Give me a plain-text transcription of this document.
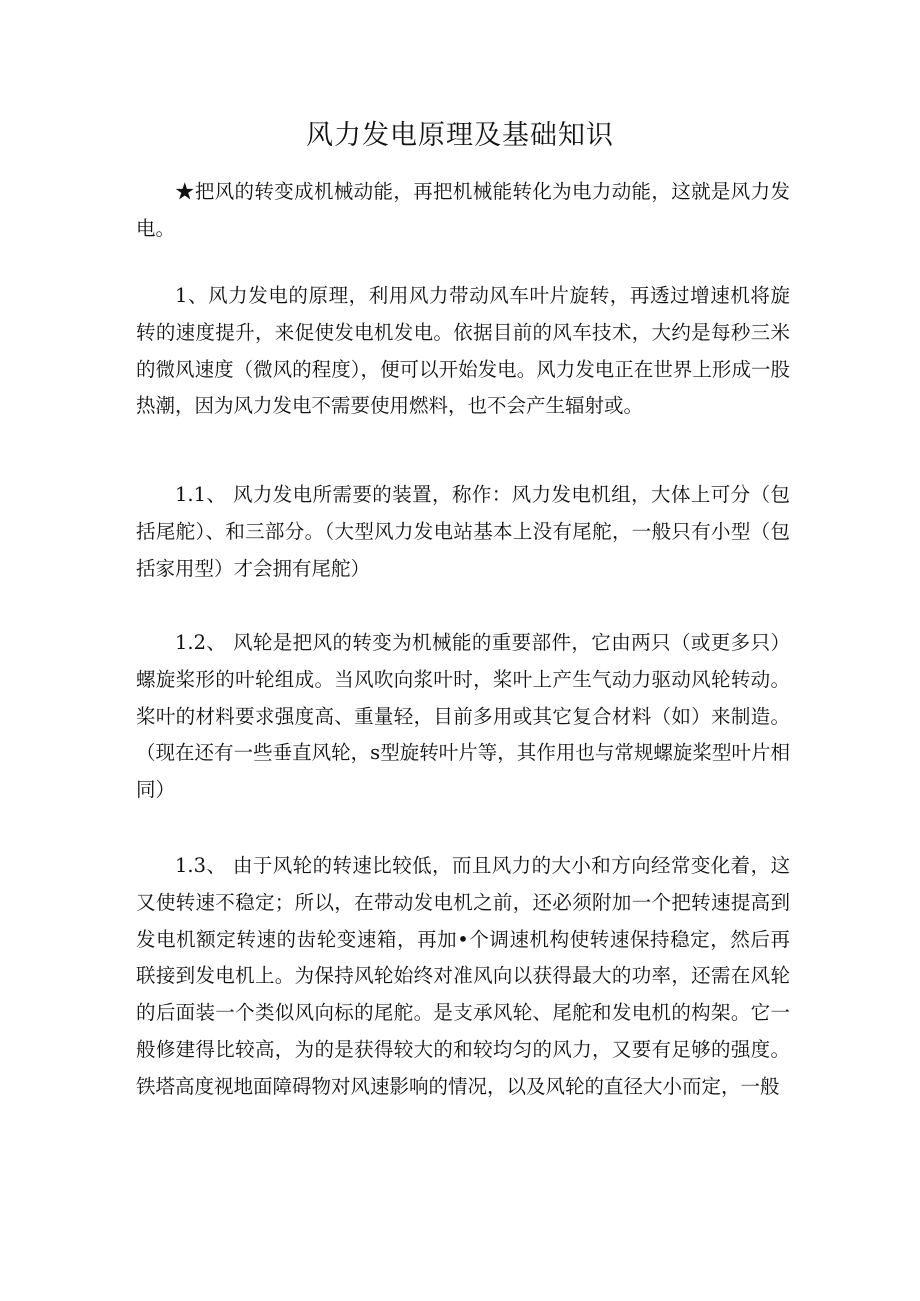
风力发电原理及基础知识

★把风的转变成机械动能，再把机械能转化为电力动能，这就是风力发电。

1、风力发电的原理，利用风力带动风车叶片旋转，再透过增速机将旋转的速度提升，来促使发电机发电。依据目前的风车技术，大约是每秒三米的微风速度（微风的程度），便可以开始发电。风力发电正在世界上形成一股热潮，因为风力发电不需要使用燃料，也不会产生辐射或。

1.1、 风力发电所需要的装置，称作：风力发电机组，大体上可分（包括尾舵）、和三部分。（大型风力发电站基本上没有尾舵，一般只有小型（包括家用型）才会拥有尾舵）

1.2、 风轮是把风的转变为机械能的重要部件，它由两只（或更多只）螺旋桨形的叶轮组成。当风吹向浆叶时，桨叶上产生气动力驱动风轮转动。桨叶的材料要求强度高、重量轻，目前多用或其它复合材料（如）来制造。（现在还有一些垂直风轮，s型旋转叶片等，其作用也与常规螺旋桨型叶片相同）

1.3、 由于风轮的转速比较低，而且风力的大小和方向经常变化着，这又使转速不稳定；所以，在带动发电机之前，还必须附加一个把转速提高到发电机额定转速的齿轮变速箱，再加•个调速机构使转速保持稳定，然后再联接到发电机上。为保持风轮始终对准风向以获得最大的功率，还需在风轮的后面装一个类似风向标的尾舵。是支承风轮、尾舵和发电机的构架。它一般修建得比较高，为的是获得较大的和较均匀的风力，又要有足够的强度。铁塔高度视地面障碍物对风速影响的情况，以及风轮的直径大小而定，一般
